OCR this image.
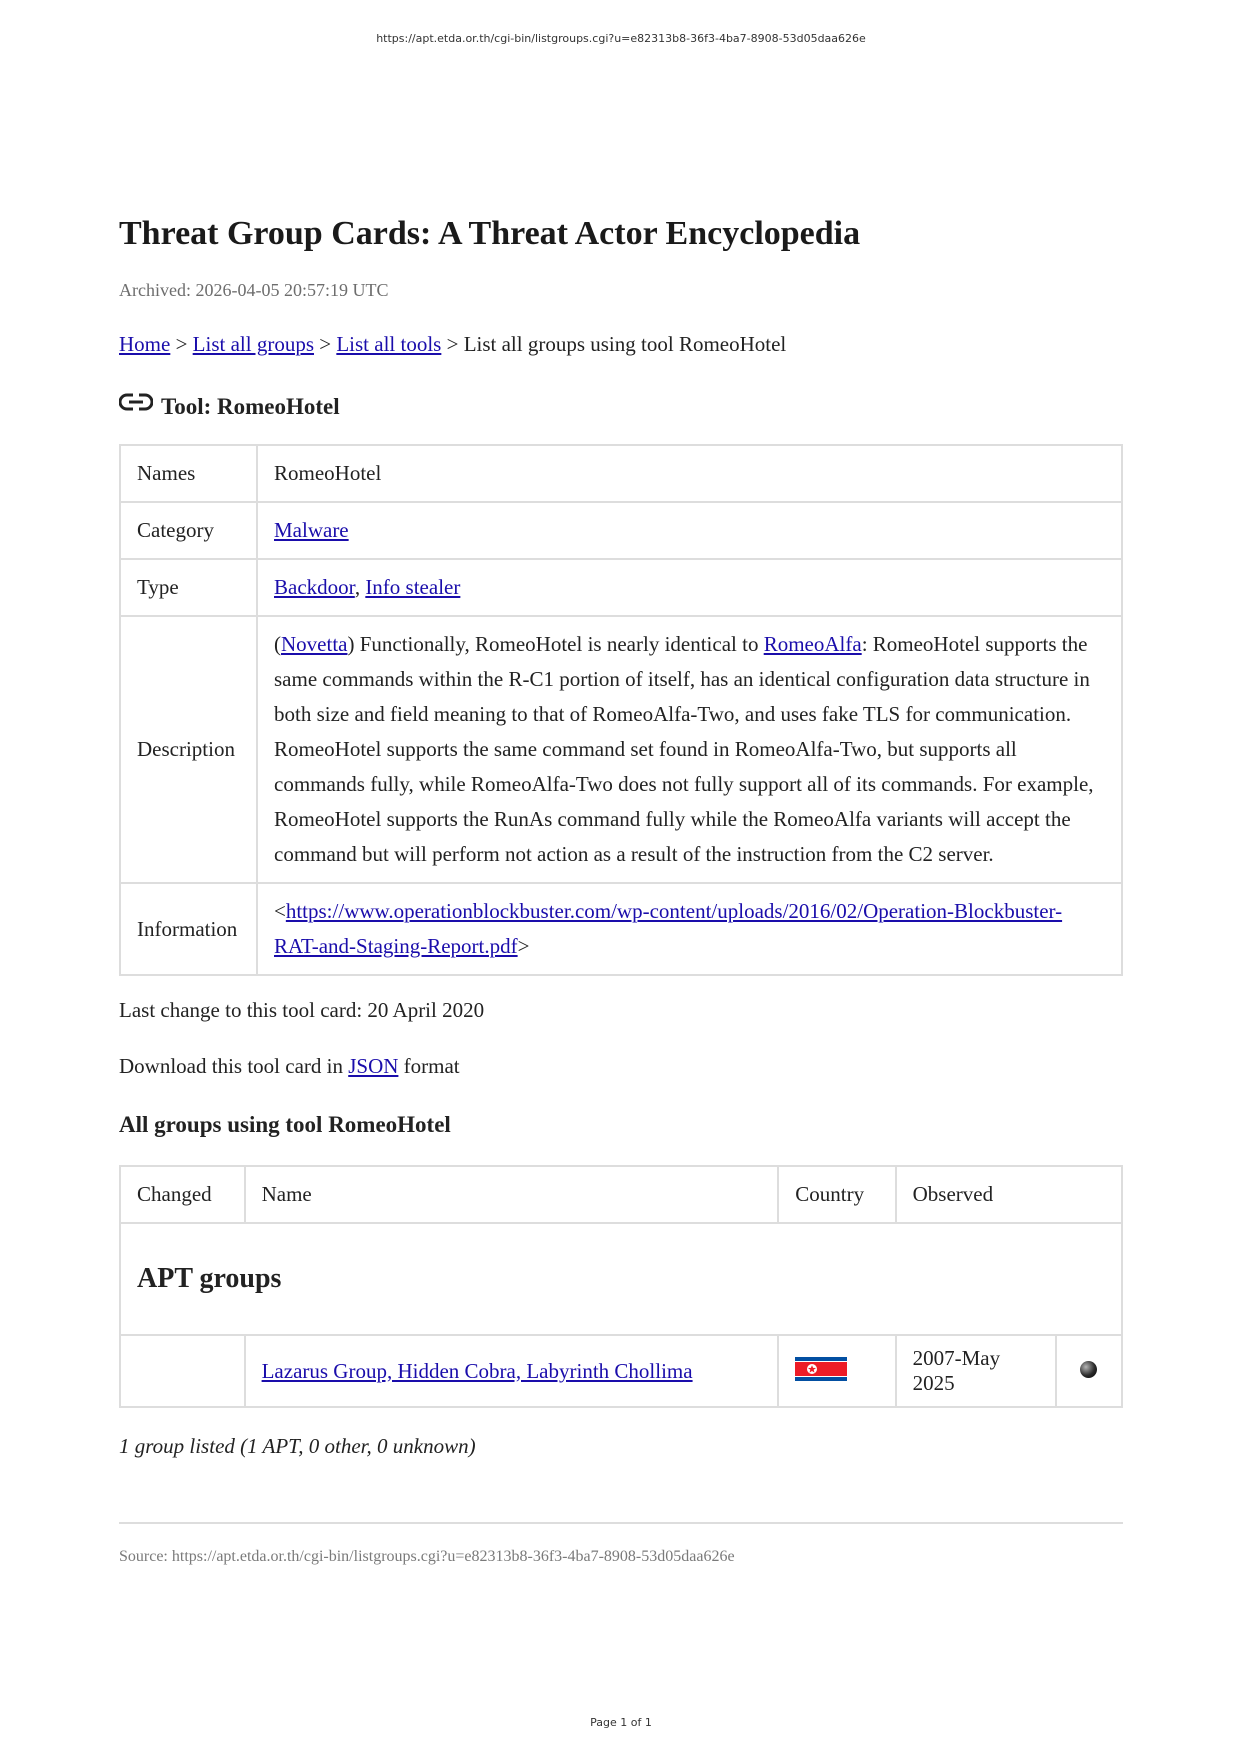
https://apt.etda.or.th/cgi-bin/listgroups.cgi?u=e82313b8-36f3-4ba7-8908-53d05daa626e
Threat Group Cards: A Threat Actor Encyclopedia
Archived: 2026-04-05 20:57:19 UTC
Home > List all groups > List all tools > List all groups using tool RomeoHotel
Tool: RomeoHotel
Names	RomeoHotel
Category	Malware
Type	Backdoor, Info stealer
Description	(Novetta) Functionally, RomeoHotel is nearly identical to RomeoAlfa: RomeoHotel supports the same commands within the R-C1 portion of itself, has an identical configuration data structure in both size and field meaning to that of RomeoAlfa-Two, and uses fake TLS for communication. RomeoHotel supports the same command set found in RomeoAlfa-Two, but supports all commands fully, while RomeoAlfa-Two does not fully support all of its commands. For example, RomeoHotel supports the RunAs command fully while the RomeoAlfa variants will accept the command but will perform not action as a result of the instruction from the C2 server.
Information	<https://www.operationblockbuster.com/wp-content/uploads/2016/02/Operation-Blockbuster-RAT-and-Staging-Report.pdf>
Last change to this tool card: 20 April 2020
Download this tool card in JSON format
All groups using tool RomeoHotel
Changed	Name	Country	Observed	
APT groups				
	Lazarus Group, Hidden Cobra, Labyrinth Chollima		2007-May 2025	
1 group listed (1 APT, 0 other, 0 unknown)
Source: https://apt.etda.or.th/cgi-bin/listgroups.cgi?u=e82313b8-36f3-4ba7-8908-53d05daa626e
Page 1 of 1
